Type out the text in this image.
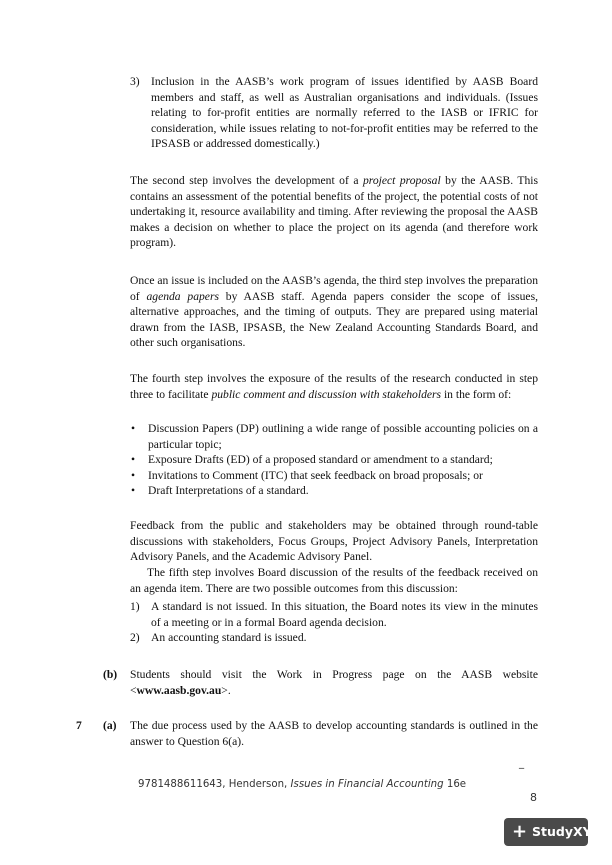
3) Inclusion in the AASB’s work program of issues identified by AASB Board members and staff, as well as Australian organisations and individuals. (Issues relating to for-profit entities are normally referred to the IASB or IFRIC for consideration, while issues relating to not-for-profit entities may be referred to the IPSASB or addressed domestically.)

The second step involves the development of a project proposal by the AASB. This contains an assessment of the potential benefits of the project, the potential costs of not undertaking it, resource availability and timing. After reviewing the proposal the AASB makes a decision on whether to place the project on its agenda (and therefore work program).

Once an issue is included on the AASB’s agenda, the third step involves the preparation of agenda papers by AASB staff. Agenda papers consider the scope of issues, alternative approaches, and the timing of outputs. They are prepared using material drawn from the IASB, IPSASB, the New Zealand Accounting Standards Board, and other such organisations.

The fourth step involves the exposure of the results of the research conducted in step three to facilitate public comment and discussion with stakeholders in the form of:

• Discussion Papers (DP) outlining a wide range of possible accounting policies on a particular topic;
• Exposure Drafts (ED) of a proposed standard or amendment to a standard;
• Invitations to Comment (ITC) that seek feedback on broad proposals; or
• Draft Interpretations of a standard.

Feedback from the public and stakeholders may be obtained through round-table discussions with stakeholders, Focus Groups, Project Advisory Panels, Interpretation Advisory Panels, and the Academic Advisory Panel.

The fifth step involves Board discussion of the results of the feedback received on an agenda item. There are two possible outcomes from this discussion:

1) A standard is not issued. In this situation, the Board notes its view in the minutes of a meeting or in a formal Board agenda decision.
2) An accounting standard is issued.
(b) Students should visit the Work in Progress page on the AASB website <www.aasb.gov.au>.

7 (a) The due process used by the AASB to develop accounting standards is outlined in the answer to Question 6(a).

_
9781488611643, Henderson, Issues in Financial Accounting 16e
8
+ StudyXY
